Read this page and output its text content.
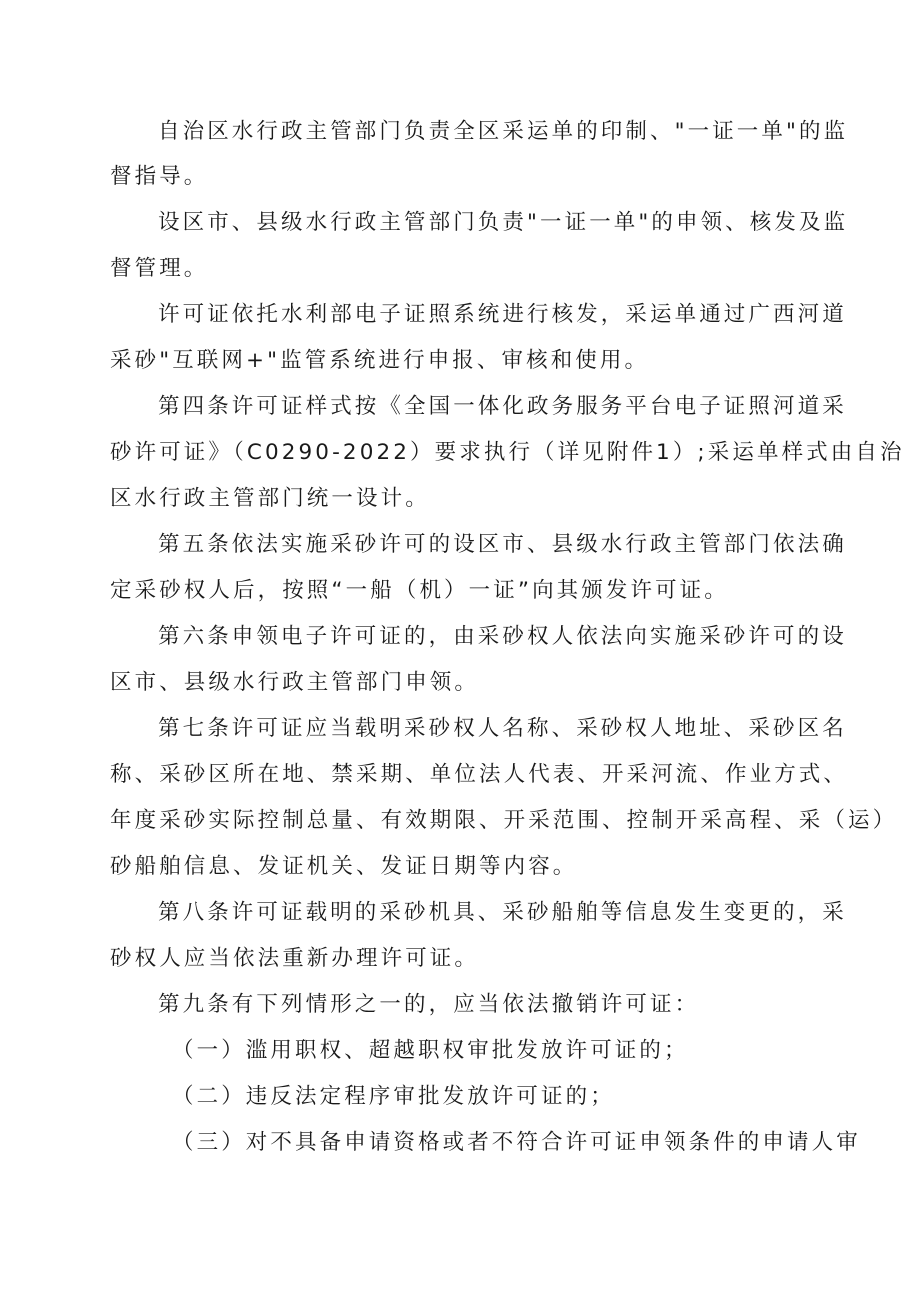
自治区水行政主管部门负责全区采运单的印制、"一证一单"的监
督指导。
设区市、县级水行政主管部门负责"一证一单"的申领、核发及监
督管理。
许可证依托水利部电子证照系统进行核发，采运单通过广西河道
采砂"互联网+"监管系统进行申报、审核和使用。
第四条许可证样式按《全国一体化政务服务平台电子证照河道采
砂许可证》（C0290-2022）要求执行（详见附件1）;采运单样式由自治
区水行政主管部门统一设计。
第五条依法实施采砂许可的设区市、县级水行政主管部门依法确
定采砂权人后，按照“一船（机）一证”向其颁发许可证。
第六条申领电子许可证的，由采砂权人依法向实施采砂许可的设
区市、县级水行政主管部门申领。
第七条许可证应当载明采砂权人名称、采砂权人地址、采砂区名
称、采砂区所在地、禁采期、单位法人代表、开采河流、作业方式、
年度采砂实际控制总量、有效期限、开采范围、控制开采高程、采（运）
砂船舶信息、发证机关、发证日期等内容。
第八条许可证载明的采砂机具、采砂船舶等信息发生变更的，采
砂权人应当依法重新办理许可证。
第九条有下列情形之一的，应当依法撤销许可证：
（一）滥用职权、超越职权审批发放许可证的；
（二）违反法定程序审批发放许可证的；
（三）对不具备申请资格或者不符合许可证申领条件的申请人审
